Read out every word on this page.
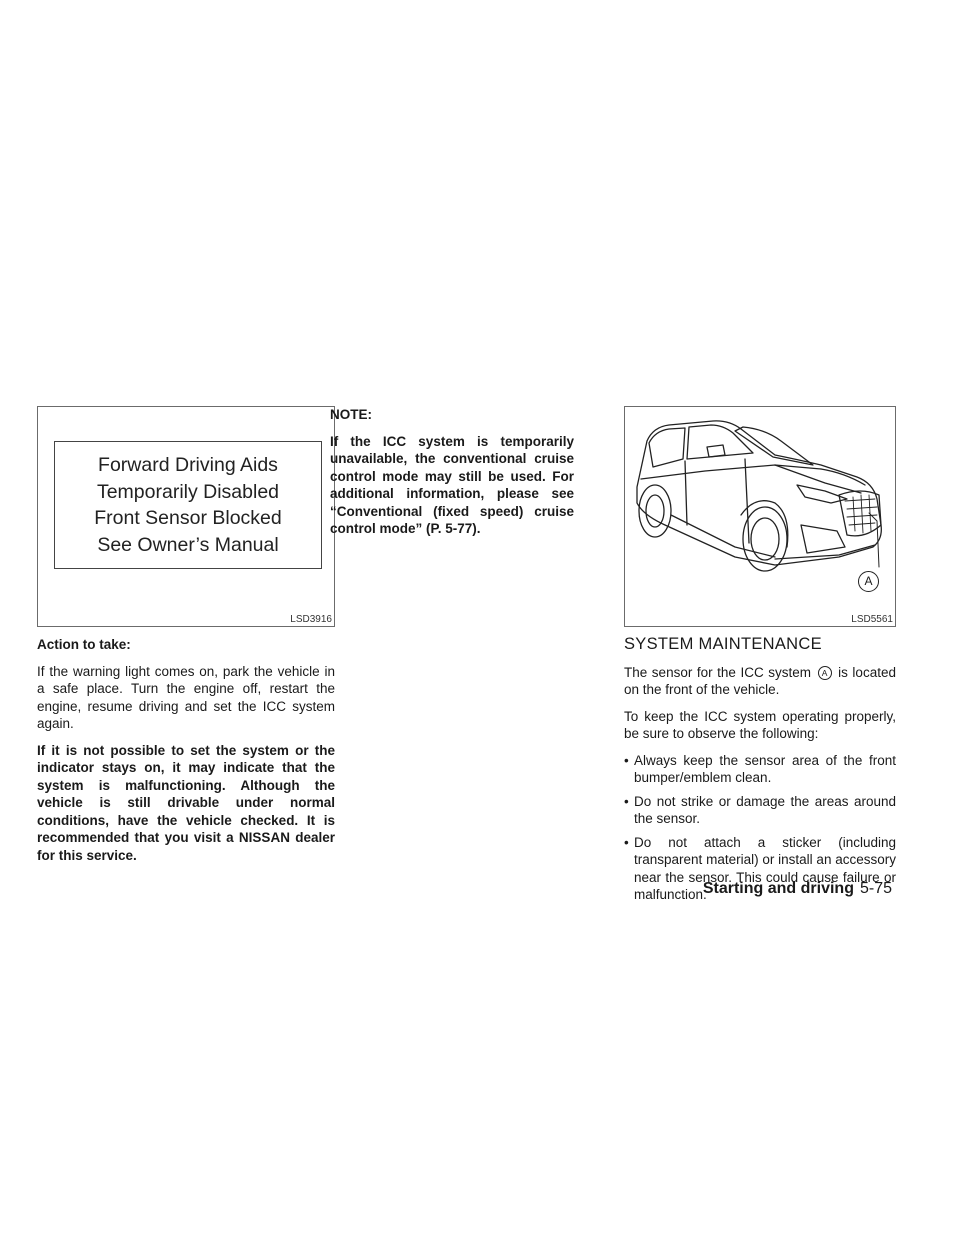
Forward Driving Aids
Temporarily Disabled
Front Sensor Blocked
See Owner’s Manual
LSD3916
A
LSD5561

Action to take:

If the warning light comes on, park the vehicle in a safe place. Turn the engine off, restart the engine, resume driving and set the ICC system again.

If it is not possible to set the system or the indicator stays on, it may indicate that the system is malfunctioning. Although the vehicle is still drivable under normal conditions, have the vehicle checked. It is recommended that you visit a NISSAN dealer for this service.

NOTE:

If the ICC system is temporarily unavailable, the conventional cruise control mode may still be used. For additional information, please see “Conventional (fixed speed) cruise control mode” (P. 5-77).

SYSTEM MAINTENANCE

The sensor for the ICC system A is located on the front of the vehicle.

To keep the ICC system operating properly, be sure to observe the following:

• Always keep the sensor area of the front bumper/emblem clean.
• Do not strike or damage the areas around the sensor.
• Do not attach a sticker (including transparent material) or install an accessory near the sensor. This could cause failure or malfunction.
Starting and driving 5-75
